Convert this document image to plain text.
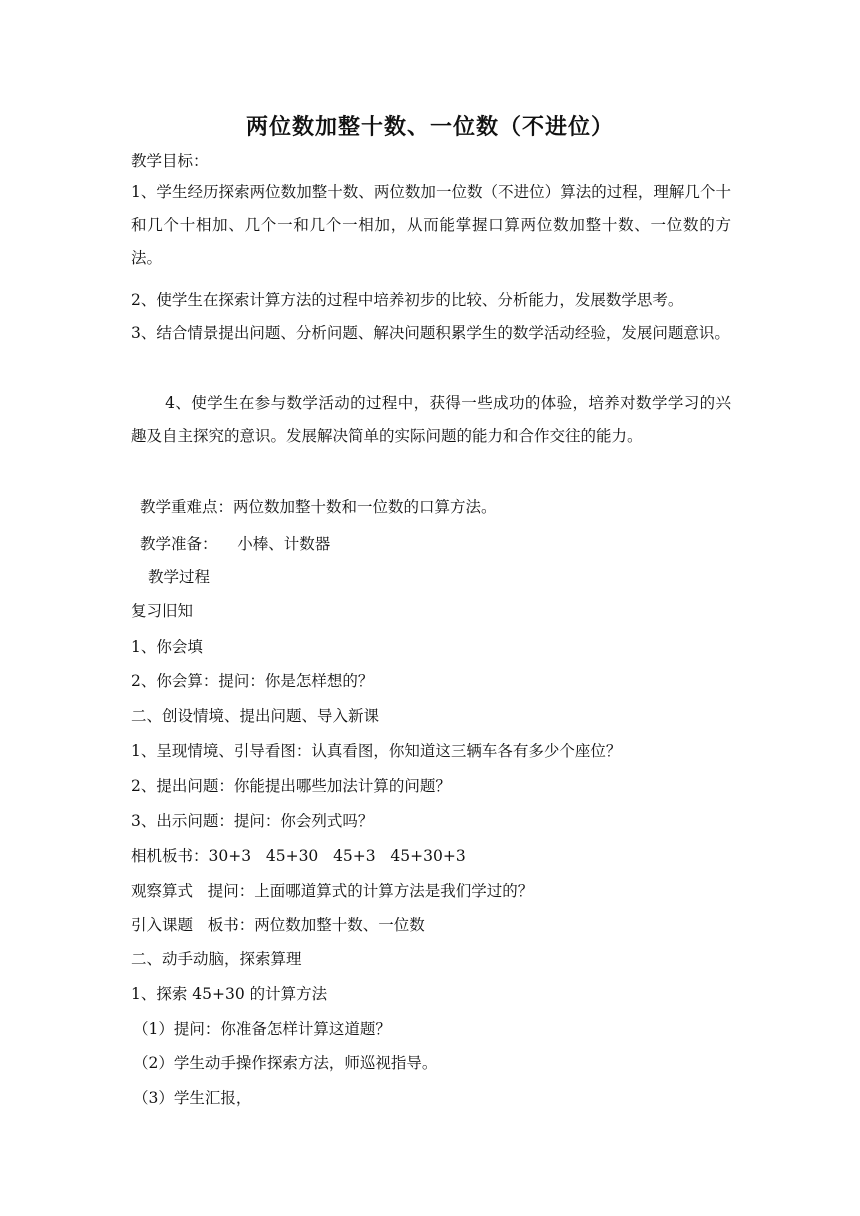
两位数加整十数、一位数（不进位）
教学目标：
1、学生经历探索两位数加整十数、两位数加一位数（不进位）算法的过程，理解几个十和几个十相加、几个一和几个一相加，从而能掌握口算两位数加整十数、一位数的方法。
2、使学生在探索计算方法的过程中培养初步的比较、分析能力，发展数学思考。
3、结合情景提出问题、分析问题、解决问题积累学生的数学活动经验，发展问题意识。
4、使学生在参与数学活动的过程中，获得一些成功的体验，培养对数学学习的兴趣及自主探究的意识。发展解决简单的实际问题的能力和合作交往的能力。
教学重难点：两位数加整十数和一位数的口算方法。
教学准备：    小棒、计数器
教学过程
复习旧知
1、你会填
2、你会算：提问：你是怎样想的？
二、创设情境、提出问题、导入新课
1、呈现情境、引导看图：认真看图，你知道这三辆车各有多少个座位？
2、提出问题：你能提出哪些加法计算的问题？
3、出示问题：提问：你会列式吗？
相机板书：30+3   45+30   45+3   45+30+3
观察算式   提问：上面哪道算式的计算方法是我们学过的？
引入课题   板书：两位数加整十数、一位数
二、动手动脑，探索算理
1、探索 45+30 的计算方法
（1）提问：你准备怎样计算这道题？
（2）学生动手操作探索方法，师巡视指导。
（3）学生汇报，
